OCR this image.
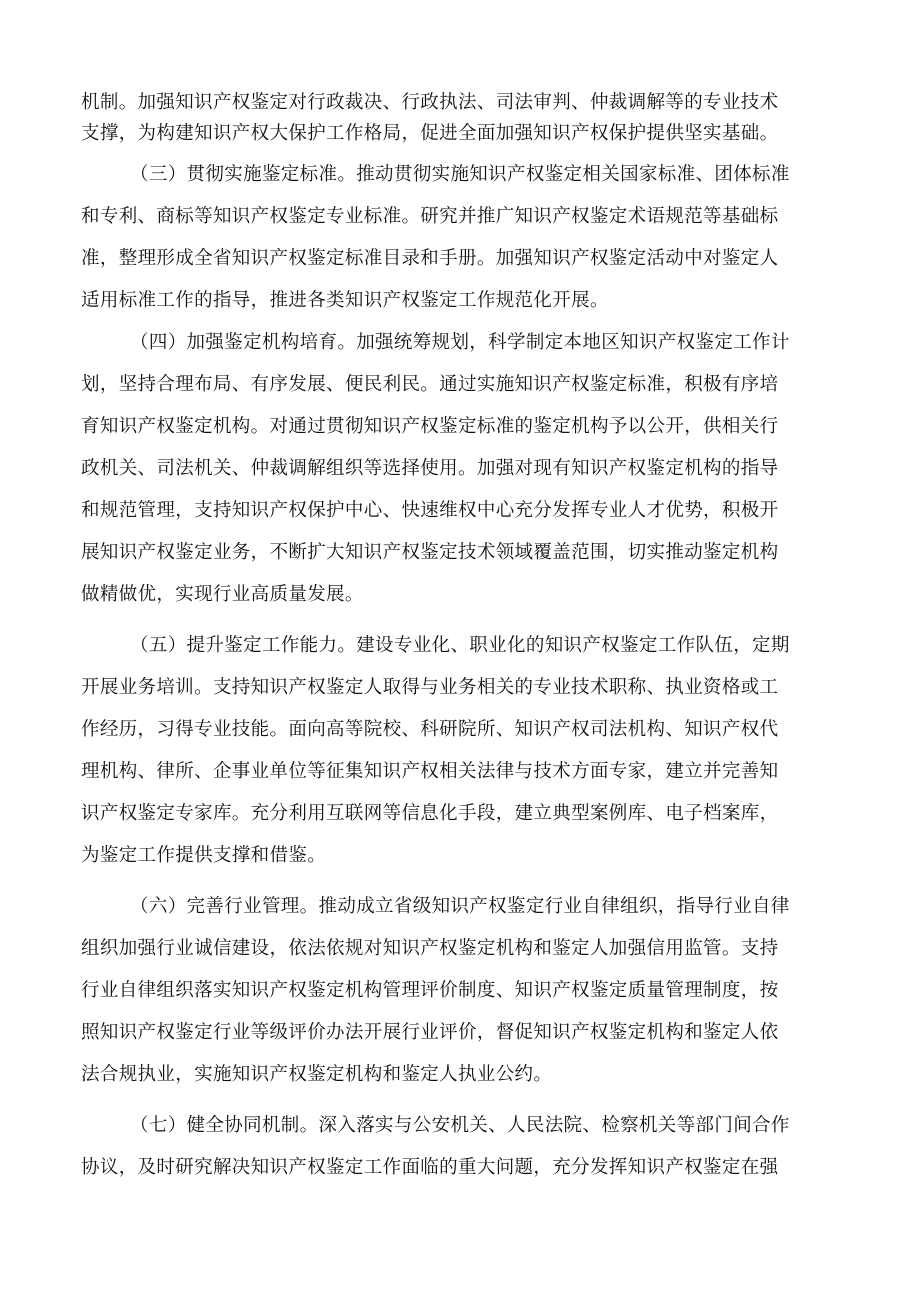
机制。加强知识产权鉴定对行政裁决、行政执法、司法审判、仲裁调解等的专业技术
支撑，为构建知识产权大保护工作格局，促进全面加强知识产权保护提供坚实基础。
（三）贯彻实施鉴定标准。推动贯彻实施知识产权鉴定相关国家标准、团体标准
和专利、商标等知识产权鉴定专业标准。研究并推广知识产权鉴定术语规范等基础标
准，整理形成全省知识产权鉴定标准目录和手册。加强知识产权鉴定活动中对鉴定人
适用标准工作的指导，推进各类知识产权鉴定工作规范化开展。
（四）加强鉴定机构培育。加强统筹规划，科学制定本地区知识产权鉴定工作计
划，坚持合理布局、有序发展、便民利民。通过实施知识产权鉴定标准，积极有序培
育知识产权鉴定机构。对通过贯彻知识产权鉴定标准的鉴定机构予以公开，供相关行
政机关、司法机关、仲裁调解组织等选择使用。加强对现有知识产权鉴定机构的指导
和规范管理，支持知识产权保护中心、快速维权中心充分发挥专业人才优势，积极开
展知识产权鉴定业务，不断扩大知识产权鉴定技术领域覆盖范围，切实推动鉴定机构
做精做优，实现行业高质量发展。
（五）提升鉴定工作能力。建设专业化、职业化的知识产权鉴定工作队伍，定期
开展业务培训。支持知识产权鉴定人取得与业务相关的专业技术职称、执业资格或工
作经历，习得专业技能。面向高等院校、科研院所、知识产权司法机构、知识产权代
理机构、律所、企事业单位等征集知识产权相关法律与技术方面专家，建立并完善知
识产权鉴定专家库。充分利用互联网等信息化手段，建立典型案例库、电子档案库，
为鉴定工作提供支撑和借鉴。
（六）完善行业管理。推动成立省级知识产权鉴定行业自律组织，指导行业自律
组织加强行业诚信建设，依法依规对知识产权鉴定机构和鉴定人加强信用监管。支持
行业自律组织落实知识产权鉴定机构管理评价制度、知识产权鉴定质量管理制度，按
照知识产权鉴定行业等级评价办法开展行业评价，督促知识产权鉴定机构和鉴定人依
法合规执业，实施知识产权鉴定机构和鉴定人执业公约。
（七）健全协同机制。深入落实与公安机关、人民法院、检察机关等部门间合作
协议，及时研究解决知识产权鉴定工作面临的重大问题，充分发挥知识产权鉴定在强
